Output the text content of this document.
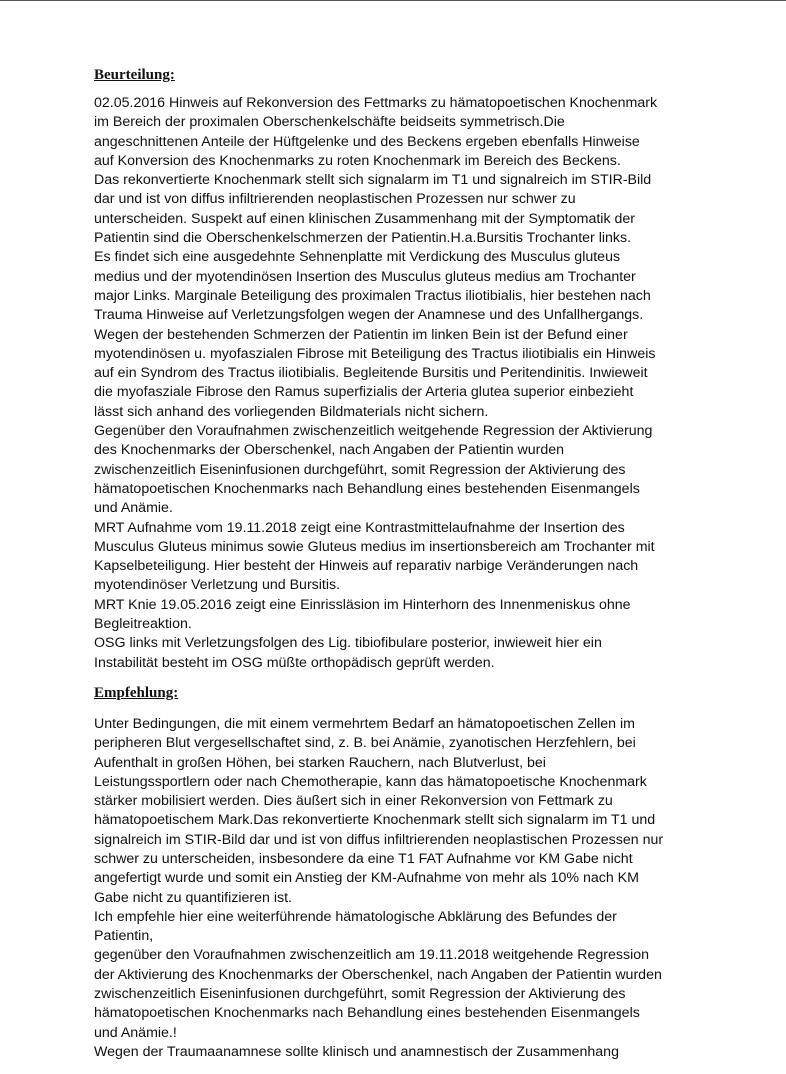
Beurteilung:

02.05.2016 Hinweis auf Rekonversion des Fettmarks zu hämatopoetischen Knochenmark
im Bereich der proximalen Oberschenkelschäfte beidseits symmetrisch.Die
angeschnittenen Anteile der Hüftgelenke und des Beckens ergeben ebenfalls Hinweise
auf Konversion des Knochenmarks zu roten Knochenmark im Bereich des Beckens.
Das rekonvertierte Knochenmark stellt sich signalarm im T1 und signalreich im STIR-Bild
dar und ist von diffus infiltrierenden neoplastischen Prozessen nur schwer zu
unterscheiden. Suspekt auf einen klinischen Zusammenhang mit der Symptomatik der
Patientin sind die Oberschenkelschmerzen der Patientin.H.a.Bursitis Trochanter links.
Es findet sich eine ausgedehnte Sehnenplatte mit Verdickung des Musculus gluteus
medius und der myotendinösen Insertion des Musculus gluteus medius am Trochanter
major Links. Marginale Beteiligung des proximalen Tractus iliotibialis, hier bestehen nach
Trauma Hinweise auf Verletzungsfolgen wegen der Anamnese und des Unfallhergangs.
Wegen der bestehenden Schmerzen der Patientin im linken Bein ist der Befund einer
myotendinösen u. myofaszialen Fibrose mit Beteiligung des Tractus iliotibialis ein Hinweis
auf ein Syndrom des Tractus iliotibialis. Begleitende Bursitis und Peritendinitis. Inwieweit
die myofasziale Fibrose den Ramus superfizialis der Arteria glutea superior einbezieht
lässt sich anhand des vorliegenden Bildmaterials nicht sichern.
Gegenüber den Voraufnahmen zwischenzeitlich weitgehende Regression der Aktivierung
des Knochenmarks der Oberschenkel, nach Angaben der Patientin wurden
zwischenzeitlich Eiseninfusionen durchgeführt, somit Regression der Aktivierung des
hämatopoetischen Knochenmarks nach Behandlung eines bestehenden Eisenmangels
und Anämie.
MRT Aufnahme vom 19.11.2018 zeigt eine Kontrastmittelaufnahme der Insertion des
Musculus Gluteus minimus sowie Gluteus medius im insertionsbereich am Trochanter mit
Kapselbeteiligung. Hier besteht der Hinweis auf reparativ narbige Veränderungen nach
myotendinöser Verletzung und Bursitis.
MRT Knie 19.05.2016 zeigt eine Einrissläsion im Hinterhorn des Innenmeniskus ohne
Begleitreaktion.
OSG links mit Verletzungsfolgen des Lig. tibiofibulare posterior, inwieweit hier ein
Instabilität besteht im OSG müßte orthopädisch geprüft werden.

Empfehlung:

Unter Bedingungen, die mit einem vermehrtem Bedarf an hämatopoetischen Zellen im
peripheren Blut vergesellschaftet sind, z. B. bei Anämie, zyanotischen Herzfehlern, bei
Aufenthalt in großen Höhen, bei starken Rauchern, nach Blutverlust, bei
Leistungssportlern oder nach Chemotherapie, kann das hämatopoetische Knochenmark
stärker mobilisiert werden. Dies äußert sich in einer Rekonversion von Fettmark zu
hämatopoetischem Mark.Das rekonvertierte Knochenmark stellt sich signalarm im T1 und
signalreich im STIR-Bild dar und ist von diffus infiltrierenden neoplastischen Prozessen nur
schwer zu unterscheiden, insbesondere da eine T1 FAT Aufnahme vor KM Gabe nicht
angefertigt wurde und somit ein Anstieg der KM-Aufnahme von mehr als 10% nach KM
Gabe nicht zu quantifizieren ist.
Ich empfehle hier eine weiterführende hämatologische Abklärung des Befundes der
Patientin,
gegenüber den Voraufnahmen zwischenzeitlich am 19.11.2018 weitgehende Regression
der Aktivierung des Knochenmarks der Oberschenkel, nach Angaben der Patientin wurden
zwischenzeitlich Eiseninfusionen durchgeführt, somit Regression der Aktivierung des
hämatopoetischen Knochenmarks nach Behandlung eines bestehenden Eisenmangels
und Anämie.!
Wegen der Traumaanamnese sollte klinisch und anamnestisch der Zusammenhang
